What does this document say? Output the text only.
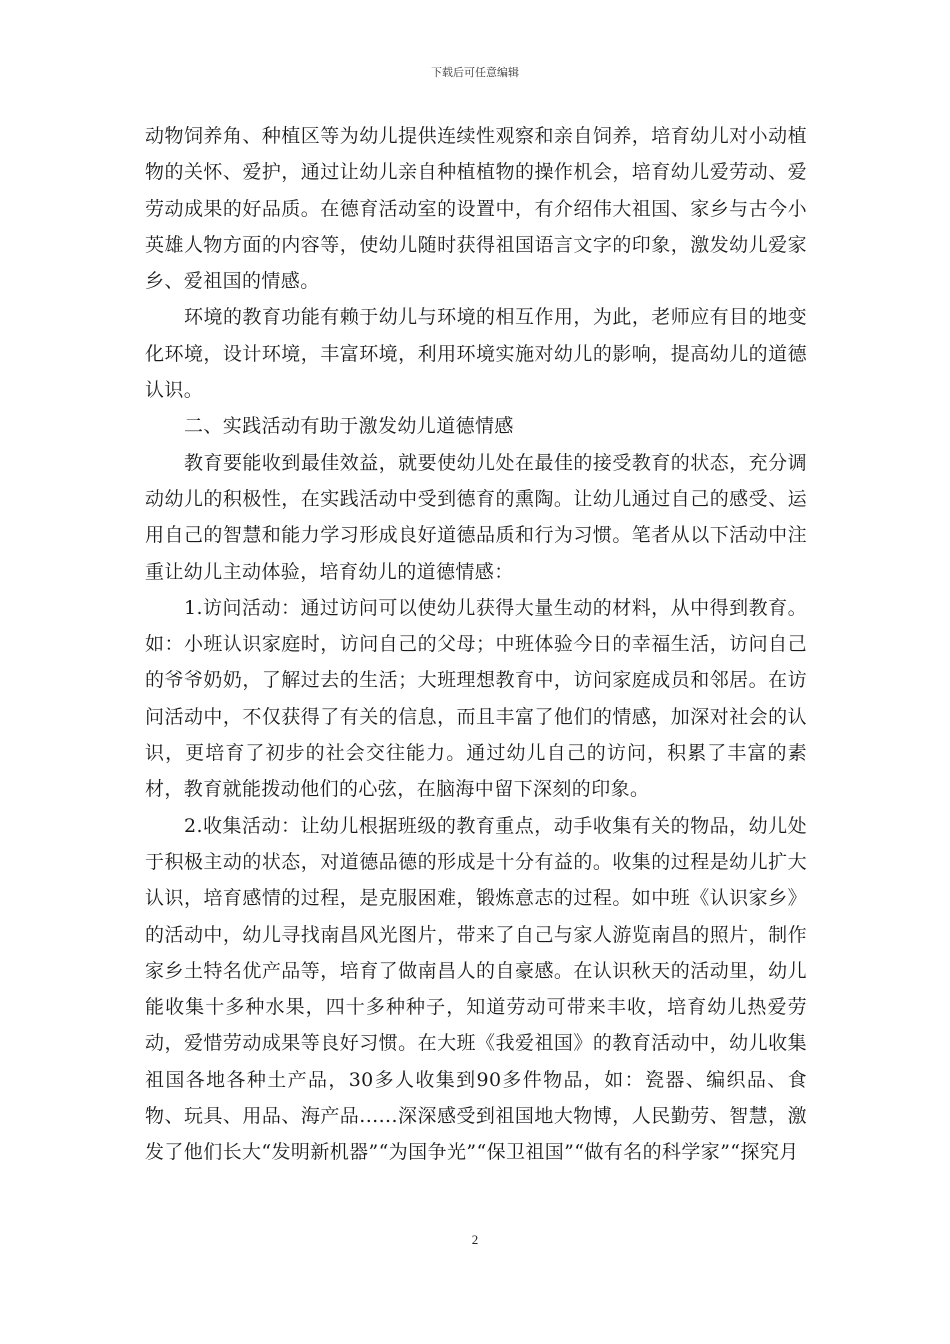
下载后可任意编辑

动物饲养角、种植区等为幼儿提供连续性观察和亲自饲养，培育幼儿对小动植物的关怀、爱护，通过让幼儿亲自种植植物的操作机会，培育幼儿爱劳动、爱劳动成果的好品质。在德育活动室的设置中，有介绍伟大祖国、家乡与古今小英雄人物方面的内容等，使幼儿随时获得祖国语言文字的印象，激发幼儿爱家乡、爱祖国的情感。

环境的教育功能有赖于幼儿与环境的相互作用，为此，老师应有目的地变化环境，设计环境，丰富环境，利用环境实施对幼儿的影响，提高幼儿的道德认识。

二、实践活动有助于激发幼儿道德情感

教育要能收到最佳效益，就要使幼儿处在最佳的接受教育的状态，充分调动幼儿的积极性，在实践活动中受到德育的熏陶。让幼儿通过自己的感受、运用自己的智慧和能力学习形成良好道德品质和行为习惯。笔者从以下活动中注重让幼儿主动体验，培育幼儿的道德情感：

1.访问活动：通过访问可以使幼儿获得大量生动的材料，从中得到教育。如：小班认识家庭时，访问自己的父母；中班体验今日的幸福生活，访问自己的爷爷奶奶，了解过去的生活；大班理想教育中，访问家庭成员和邻居。在访问活动中，不仅获得了有关的信息，而且丰富了他们的情感，加深对社会的认识，更培育了初步的社会交往能力。通过幼儿自己的访问，积累了丰富的素材，教育就能拨动他们的心弦，在脑海中留下深刻的印象。

2.收集活动：让幼儿根据班级的教育重点，动手收集有关的物品，幼儿处于积极主动的状态，对道德品德的形成是十分有益的。收集的过程是幼儿扩大认识，培育感情的过程，是克服困难，锻炼意志的过程。如中班《认识家乡》的活动中，幼儿寻找南昌风光图片，带来了自己与家人游览南昌的照片，制作家乡土特名优产品等，培育了做南昌人的自豪感。在认识秋天的活动里，幼儿能收集十多种水果，四十多种种子，知道劳动可带来丰收，培育幼儿热爱劳动，爱惜劳动成果等良好习惯。在大班《我爱祖国》的教育活动中，幼儿收集祖国各地各种土产品，30多人收集到90多件物品，如：瓷器、编织品、食物、玩具、用品、海产品......深深感受到祖国地大物博，人民勤劳、智慧，激发了他们长大“发明新机器”“为国争光”“保卫祖国”“做有名的科学家”“探究月

2
